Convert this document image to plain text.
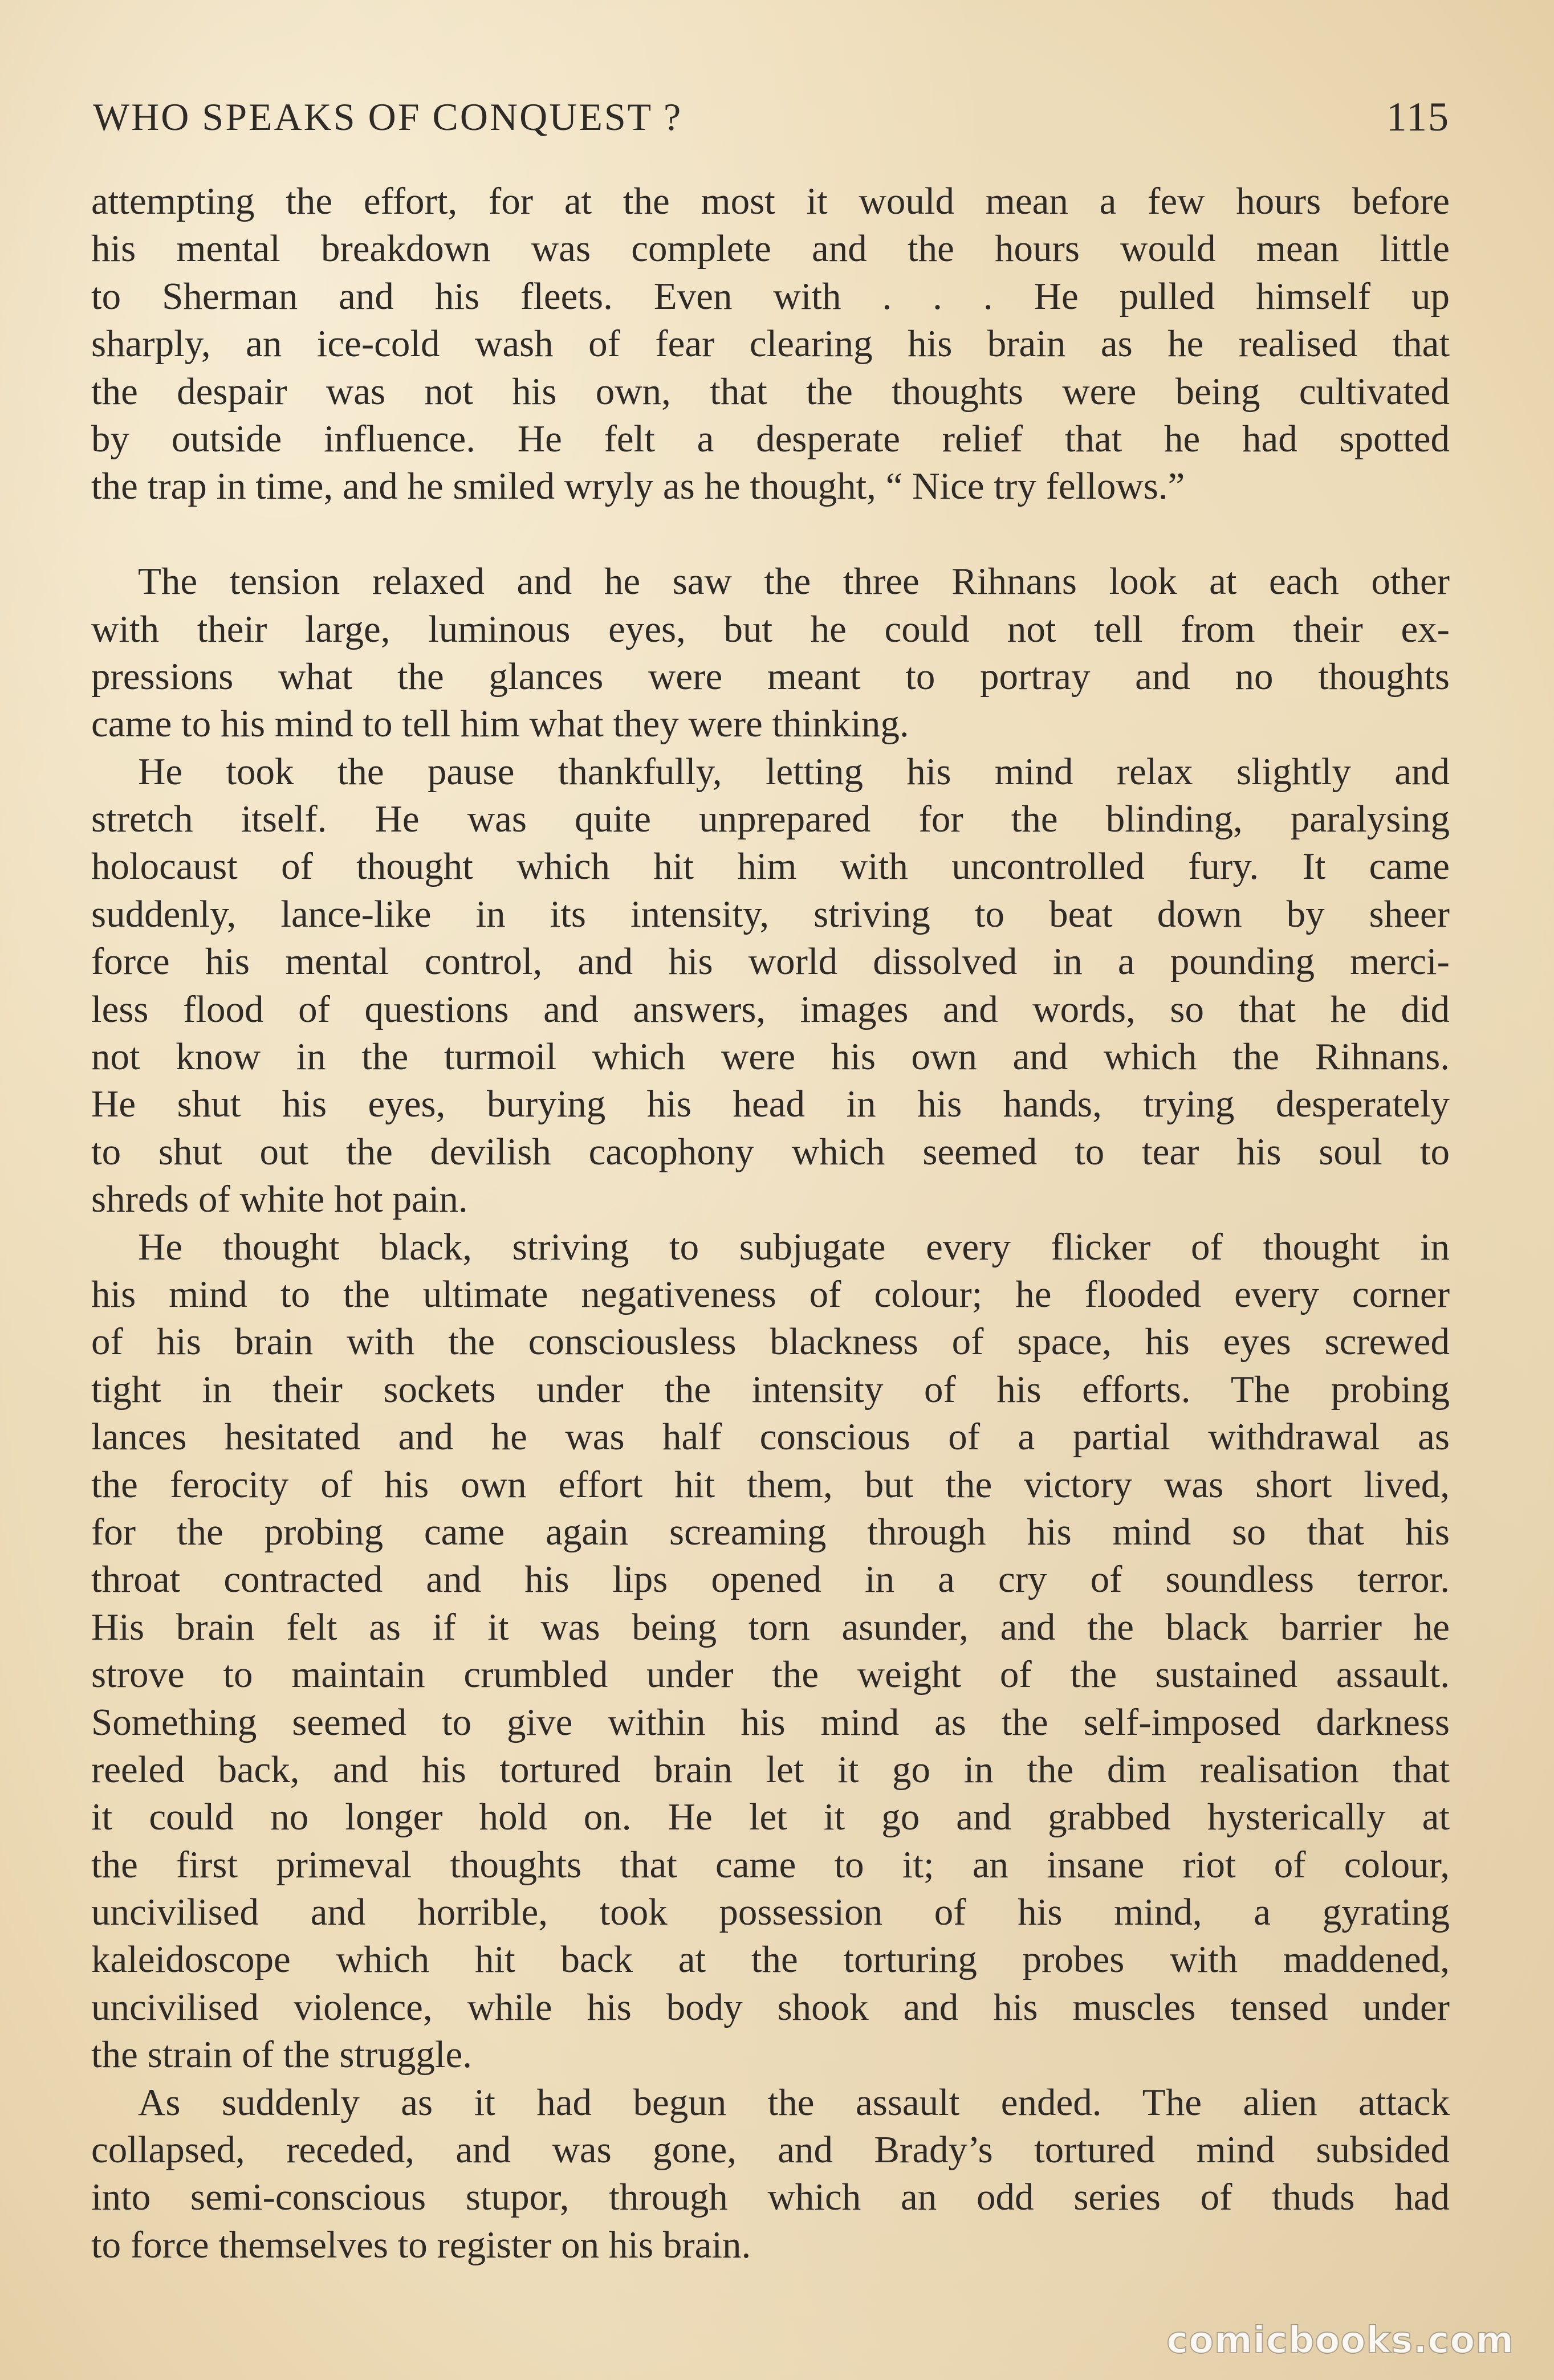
WHO SPEAKS OF CONQUEST ?	115
attempting the effort, for at the most it would mean a few hours before
his mental breakdown was complete and the hours would mean little
to Sherman and his fleets. Even with . . . He pulled himself up
sharply, an ice-cold wash of fear clearing his brain as he realised that
the despair was not his own, that the thoughts were being cultivated
by outside influence. He felt a desperate relief that he had spotted
the trap in time, and he smiled wryly as he thought, “ Nice try fellows.”
The tension relaxed and he saw the three Rihnans look at each other
with their large, luminous eyes, but he could not tell from their ex-
pressions what the glances were meant to portray and no thoughts
came to his mind to tell him what they were thinking.
He took the pause thankfully, letting his mind relax slightly and
stretch itself. He was quite unprepared for the blinding, paralysing
holocaust of thought which hit him with uncontrolled fury. It came
suddenly, lance-like in its intensity, striving to beat down by sheer
force his mental control, and his world dissolved in a pounding merci-
less flood of questions and answers, images and words, so that he did
not know in the turmoil which were his own and which the Rihnans.
He shut his eyes, burying his head in his hands, trying desperately
to shut out the devilish cacophony which seemed to tear his soul to
shreds of white hot pain.
He thought black, striving to subjugate every flicker of thought in
his mind to the ultimate negativeness of colour; he flooded every corner
of his brain with the consciousless blackness of space, his eyes screwed
tight in their sockets under the intensity of his efforts. The probing
lances hesitated and he was half conscious of a partial withdrawal as
the ferocity of his own effort hit them, but the victory was short lived,
for the probing came again screaming through his mind so that his
throat contracted and his lips opened in a cry of soundless terror.
His brain felt as if it was being torn asunder, and the black barrier he
strove to maintain crumbled under the weight of the sustained assault.
Something seemed to give within his mind as the self-imposed darkness
reeled back, and his tortured brain let it go in the dim realisation that
it could no longer hold on. He let it go and grabbed hysterically at
the first primeval thoughts that came to it; an insane riot of colour,
uncivilised and horrible, took possession of his mind, a gyrating
kaleidoscope which hit back at the torturing probes with maddened,
uncivilised violence, while his body shook and his muscles tensed under
the strain of the struggle.
As suddenly as it had begun the assault ended. The alien attack
collapsed, receded, and was gone, and Brady’s tortured mind subsided
into semi-conscious stupor, through which an odd series of thuds had
to force themselves to register on his brain.
comicbooks.com
